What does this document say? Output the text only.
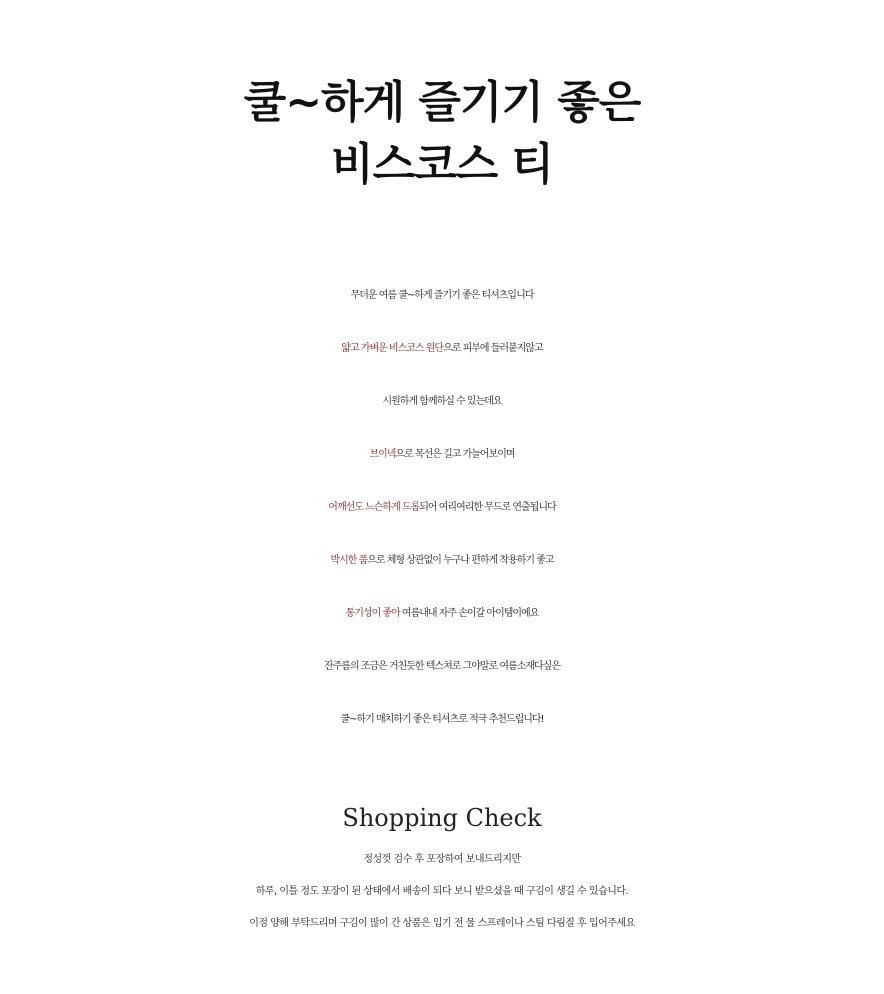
쿨~하게 즐기기 좋은
비스코스 티

무더운 여름 쿨~하게 즐기기 좋은 티셔츠입니다

얇고 가벼운 비스코스 원단으로 피부에 들러붙지않고

시원하게 함께하실 수 있는데요

브이넥으로 목선은 길고 가늘어보이며

어깨선도 느슨하게 드롭되어 여리여리한 무드로 연출됩니다

박시한 품으로 체형 상관없이 누구나 편하게 착용하기 좋고

통기성이 좋아 여름내내 자주 손이갈 아이템이예요

잔주름의 조금은 거친듯한 텍스쳐로 그야말로 여름소재다싶은

쿨~하기 매치하기 좋은 티셔츠로 적극 추천드립니다!

Shopping Check
정성껏 검수 후 포장하여 보내드리지만
하루, 이틀 정도 포장이 된 상태에서 배송이 되다 보니 받으셨을 때 구김이 생길 수 있습니다.
이점 양해 부탁드리며 구김이 많이 간 상품은 입기 전 물 스프레이나 스팀 다림질 후 입어주세요
